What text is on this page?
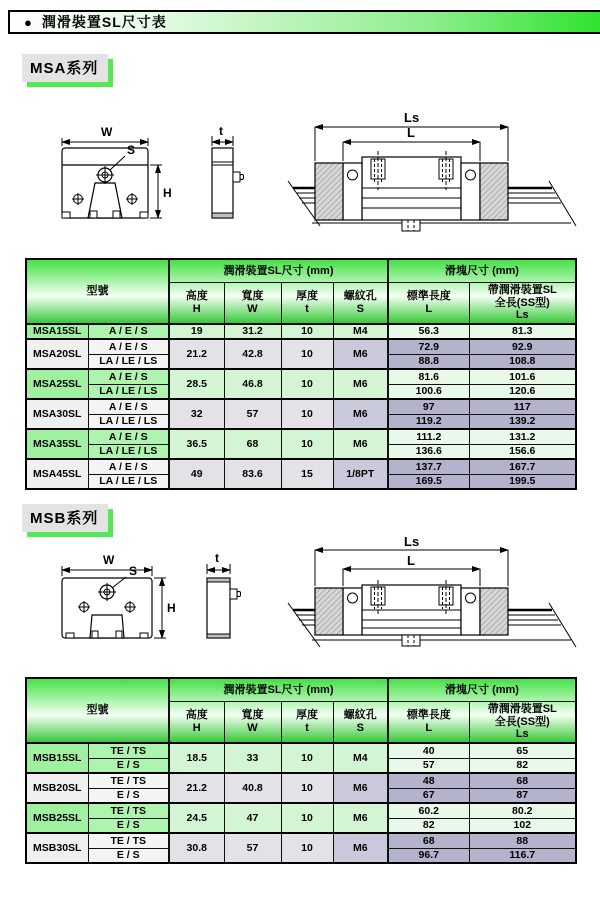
● 潤滑裝置SL尺寸表
MSA系列
W
S
H
t
Ls
L
型號		潤滑裝置SL尺寸 (mm)				滑塊尺寸 (mm)	

高度
H

寬度
W

厚度
t

螺紋孔
S

標準長度
L

帶潤滑裝置SL
全長(SS型)
Ls

MSA15SL	A / E / S	19	31.2	10	M4	56.3	81.3
MSA20SL	A / E / S	21.2	42.8	10	M6	72.9	92.9
	LA / LE / LS					88.8	108.8
MSA25SL	A / E / S	28.5	46.8	10	M6	81.6	101.6
	LA / LE / LS					100.6	120.6
MSA30SL	A / E / S	32	57	10	M6	97	117
	LA / LE / LS					119.2	139.2
MSA35SL	A / E / S	36.5	68	10	M6	111.2	131.2
	LA / LE / LS					136.6	156.6
MSA45SL	A / E / S	49	83.6	15	1/8PT	137.7	167.7
	LA / LE / LS					169.5	199.5
MSB系列
W
S
H
t
Ls
L
型號		潤滑裝置SL尺寸 (mm)				滑塊尺寸 (mm)	

高度
H

寬度
W

厚度
t

螺紋孔
S

標準長度
L

帶潤滑裝置SL
全長(SS型)
Ls

MSB15SL	TE / TS	18.5	33	10	M4	40	65
	E / S					57	82
MSB20SL	TE / TS	21.2	40.8	10	M6	48	68
	E / S					67	87
MSB25SL	TE / TS	24.5	47	10	M6	60.2	80.2
	E / S					82	102
MSB30SL	TE / TS	30.8	57	10	M6	68	88
	E / S					96.7	116.7
